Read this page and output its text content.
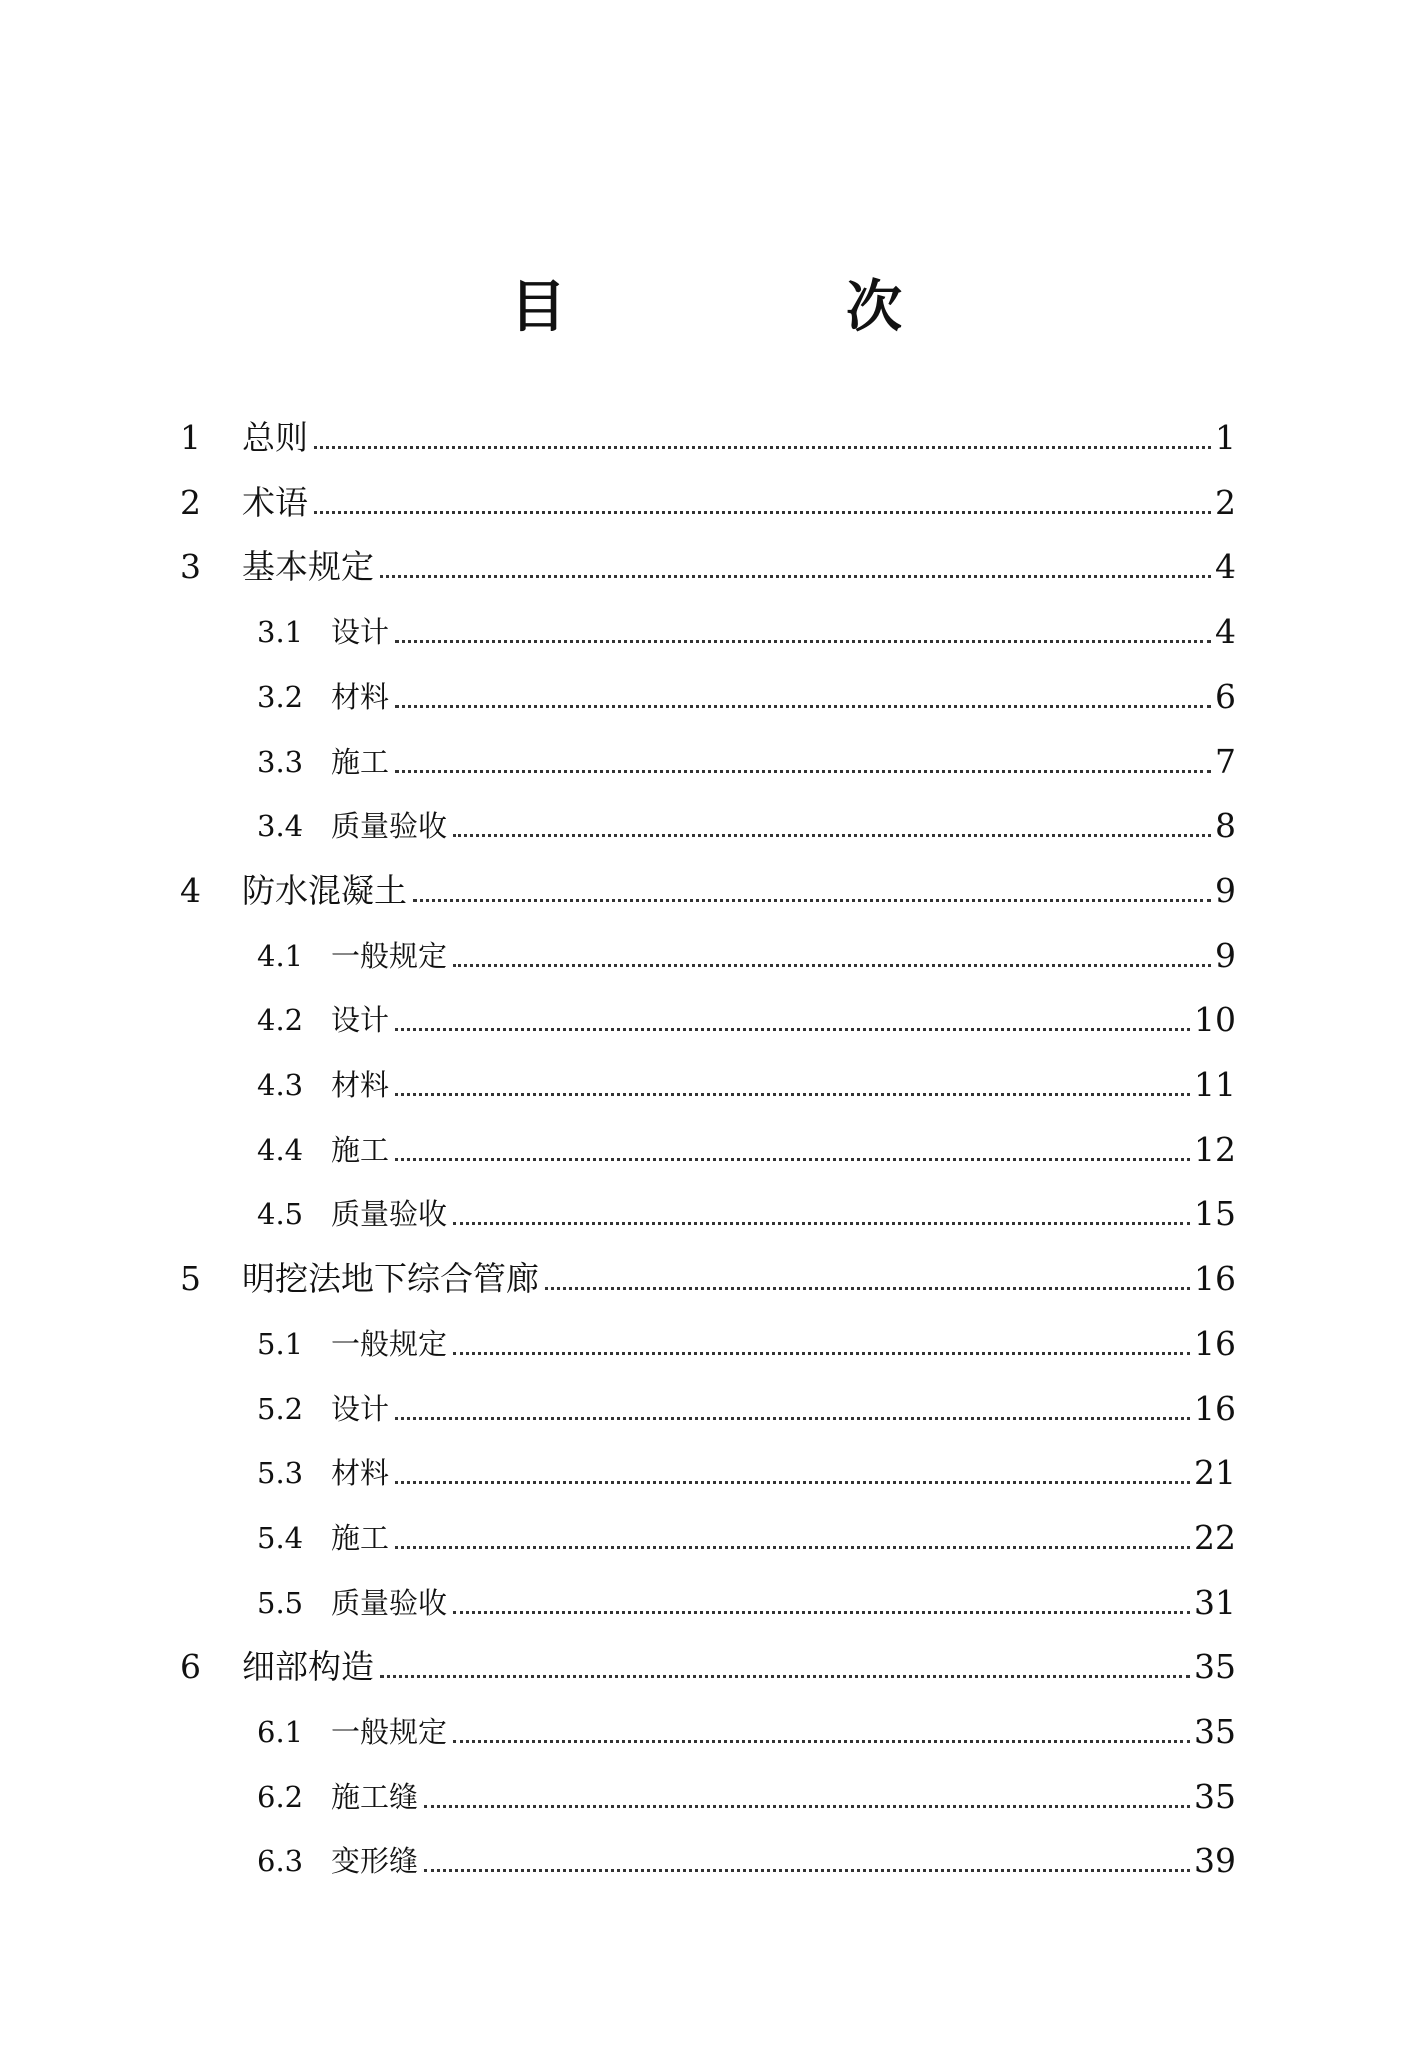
目　次
1	总则	1
2	术语	2
3	基本规定	4
3.1 设计	4
3.2 材料	6
3.3 施工	7
3.4 质量验收	8
4	防水混凝土	9
4.1 一般规定	9
4.2 设计	10
4.3 材料	11
4.4 施工	12
4.5 质量验收	15
5	明挖法地下综合管廊	16
5.1 一般规定	16
5.2 设计	16
5.3 材料	21
5.4 施工	22
5.5 质量验收	31
6	细部构造	35
6.1 一般规定	35
6.2 施工缝	35
6.3 变形缝	39
